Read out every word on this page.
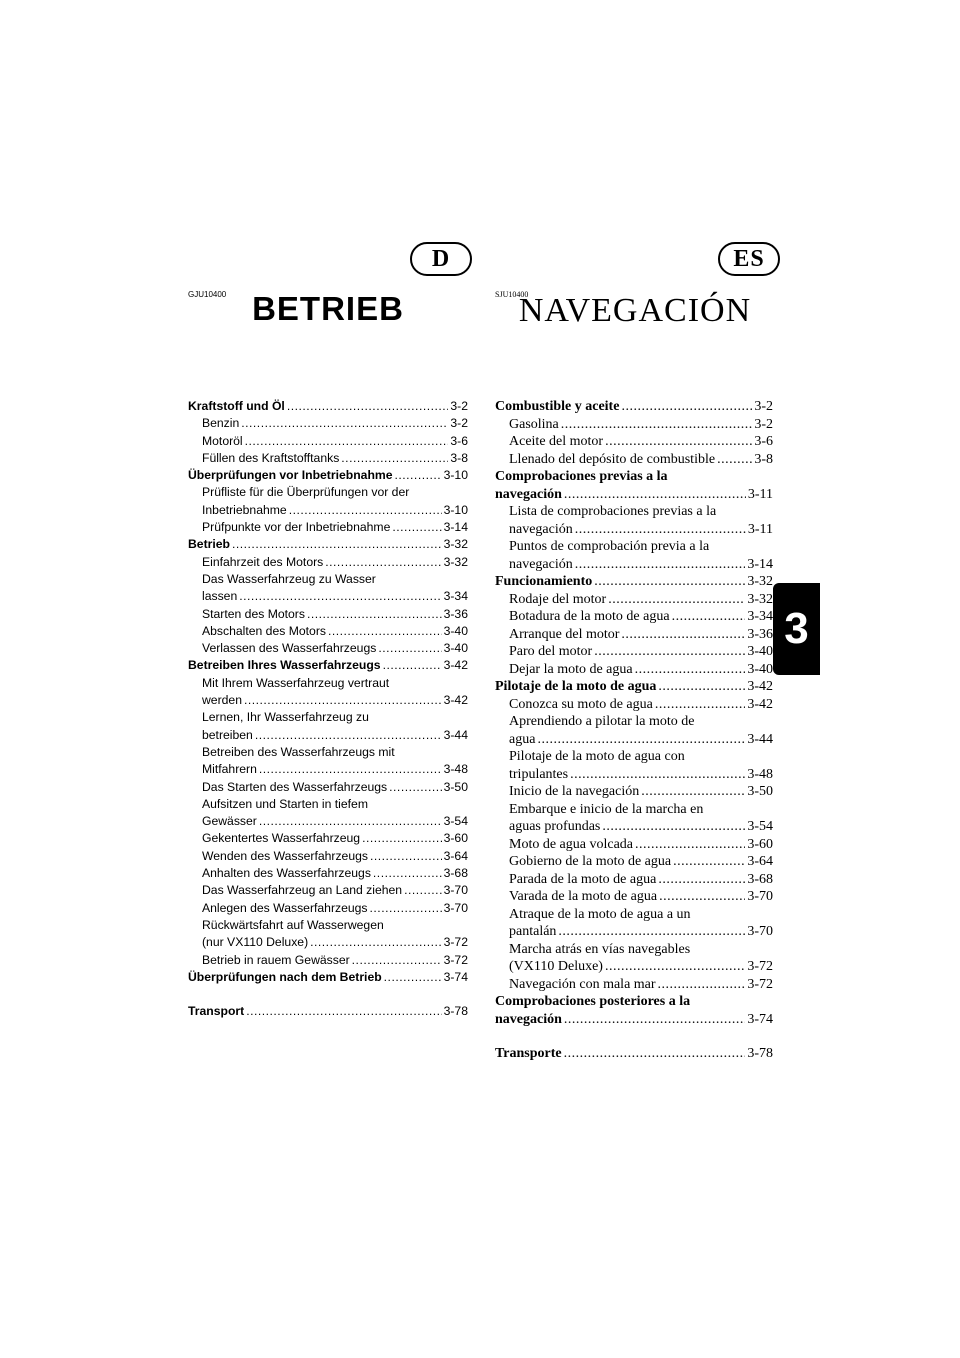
D	ES
GJU10400	SJU10400
BETRIEB	NAVEGACIÓN
Kraftstoff und Öl .....	3-2
Benzin .....	3-2
Motoröl .....	3-6
Füllen des Kraftstofftanks .....	3-8
Überprüfungen vor Inbetriebnahme .....	3-10
Prüfliste für die Überprüfungen vor der
Inbetriebnahme .....	3-10
Prüfpunkte vor der Inbetriebnahme .....	3-14
Betrieb .....	3-32
Einfahrzeit des Motors .....	3-32
Das Wasserfahrzeug zu Wasser
lassen .....	3-34
Starten des Motors .....	3-36
Abschalten des Motors .....	3-40
Verlassen des Wasserfahrzeugs .....	3-40
Betreiben Ihres Wasserfahrzeugs .....	3-42
Mit Ihrem Wasserfahrzeug vertraut
werden .....	3-42
Lernen, Ihr Wasserfahrzeug zu
betreiben .....	3-44
Betreiben des Wasserfahrzeugs mit
Mitfahrern .....	3-48
Das Starten des Wasserfahrzeugs .....	3-50
Aufsitzen und Starten in tiefem
Gewässer .....	3-54
Gekentertes Wasserfahrzeug .....	3-60
Wenden des Wasserfahrzeugs .....	3-64
Anhalten des Wasserfahrzeugs .....	3-68
Das Wasserfahrzeug an Land ziehen .....	3-70
Anlegen des Wasserfahrzeugs .....	3-70
Rückwärtsfahrt auf Wasserwegen
(nur VX110 Deluxe) .....	3-72
Betrieb in rauem Gewässer .....	3-72
Überprüfungen nach dem Betrieb .....	3-74
Transport .....	3-78
Combustible y aceite .....	3-2
Gasolina .....	3-2
Aceite del motor .....	3-6
Llenado del depósito de combustible .....	3-8
Comprobaciones previas a la
navegación .....	3-11
Lista de comprobaciones previas a la
navegación .....	3-11
Puntos de comprobación previa a la
navegación .....	3-14
Funcionamiento .....	3-32
Rodaje del motor .....	3-32
Botadura de la moto de agua .....	3-34
Arranque del motor .....	3-36
Paro del motor .....	3-40
Dejar la moto de agua .....	3-40
Pilotaje de la moto de agua .....	3-42
Conozca su moto de agua .....	3-42
Aprendiendo a pilotar la moto de
agua .....	3-44
Pilotaje de la moto de agua con
tripulantes .....	3-48
Inicio de la navegación .....	3-50
Embarque e inicio de la marcha en
aguas profundas .....	3-54
Moto de agua volcada .....	3-60
Gobierno de la moto de agua .....	3-64
Parada de la moto de agua .....	3-68
Varada de la moto de agua .....	3-70
Atraque de la moto de agua a un
pantalán .....	3-70
Marcha atrás en vías navegables
(VX110 Deluxe) .....	3-72
Navegación con mala mar .....	3-72
Comprobaciones posteriores a la
navegación .....	3-74
Transporte .....	3-78
3
